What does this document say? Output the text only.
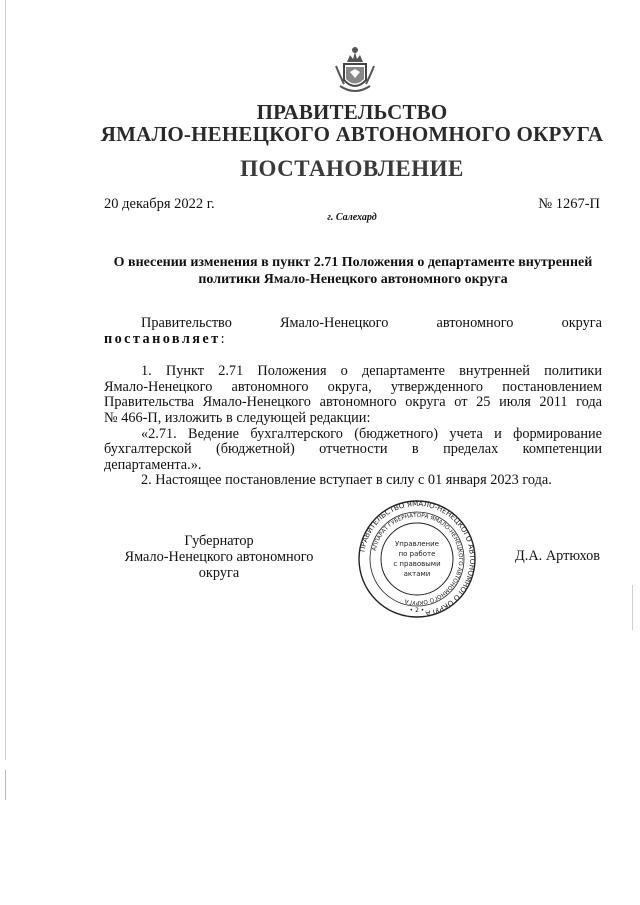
ПРАВИТЕЛЬСТВО
ЯМАЛО-НЕНЕЦКОГО АВТОНОМНОГО ОКРУГА
ПОСТАНОВЛЕНИЕ
20 декабря 2022 г.	№ 1267-П
г. Салехард
О внесении изменения в пункт 2.71 Положения о департаменте внутренней
политики Ямало-Ненецкого автономного округа
Правительство	Ямало-Ненецкого	автономного	округа

постановляет:

1. Пункт 2.71 Положения о департаменте внутренней политики

Ямало-Ненецкого автономного округа, утвержденного постановлением

Правительства Ямало-Ненецкого автономного округа от 25 июля 2011 года

№ 466-П, изложить в следующей редакции:

«2.71. Ведение бухгалтерского (бюджетного) учета и формирование

бухгалтерской (бюджетной) отчетности в пределах компетенции

департамента.».

2. Настоящее постановление вступает в силу с 01 января 2023 года.

Губернатор
Ямало-Ненецкого автономного округа
ПРАВИТЕЛЬСТВО ЯМАЛО-НЕНЕЦКОГО АВТОНОМНОГО ОКРУГА
АППАРАТ ГУБЕРНАТОРА ЯМАЛО-НЕНЕЦКОГО АВТОНОМНОГО ОКРУГА
Управление
по работе
с правовыми
актами
• 2 •
Д.А. Артюхов
